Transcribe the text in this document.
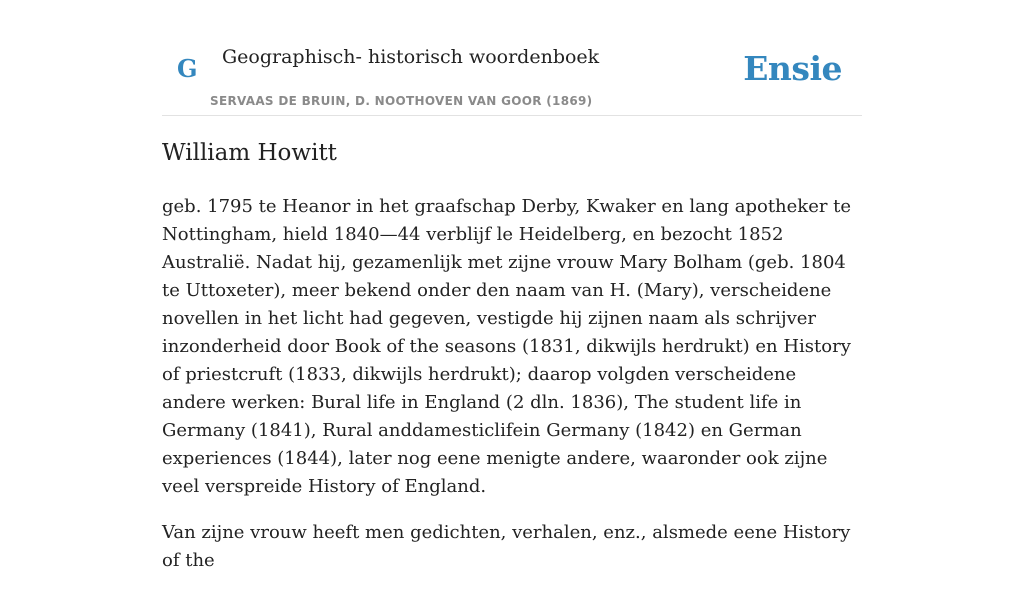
G Geographisch- historisch woordenboek
SERVAAS DE BRUIN, D. NOOTHOVEN VAN GOOR (1869)
Ensie
William Howitt

geb. 1795 te Heanor in het graafschap Derby, Kwaker en lang apotheker te Nottingham, hield 1840—44 verblijf le Heidelberg, en bezocht 1852 Australië. Nadat hij, gezamenlijk met zijne vrouw Mary Bolham (geb. 1804 te Uttoxeter), meer bekend onder den naam van H. (Mary), verscheidene novellen in het licht had gegeven, vestigde hij zijnen naam als schrijver inzonderheid door Book of the seasons (1831, dikwijls herdrukt) en History of priestcruft (1833, dikwijls herdrukt); daarop volgden verscheidene andere werken: Bural life in England (2 dln. 1836), The student life in Germany (1841), Rural anddamesticlifein Germany (1842) en German experiences (1844), later nog eene menigte andere, waaronder ook zijne veel verspreide History of England.

Van zijne vrouw heeft men gedichten, verhalen, enz., alsmede eene History of the
